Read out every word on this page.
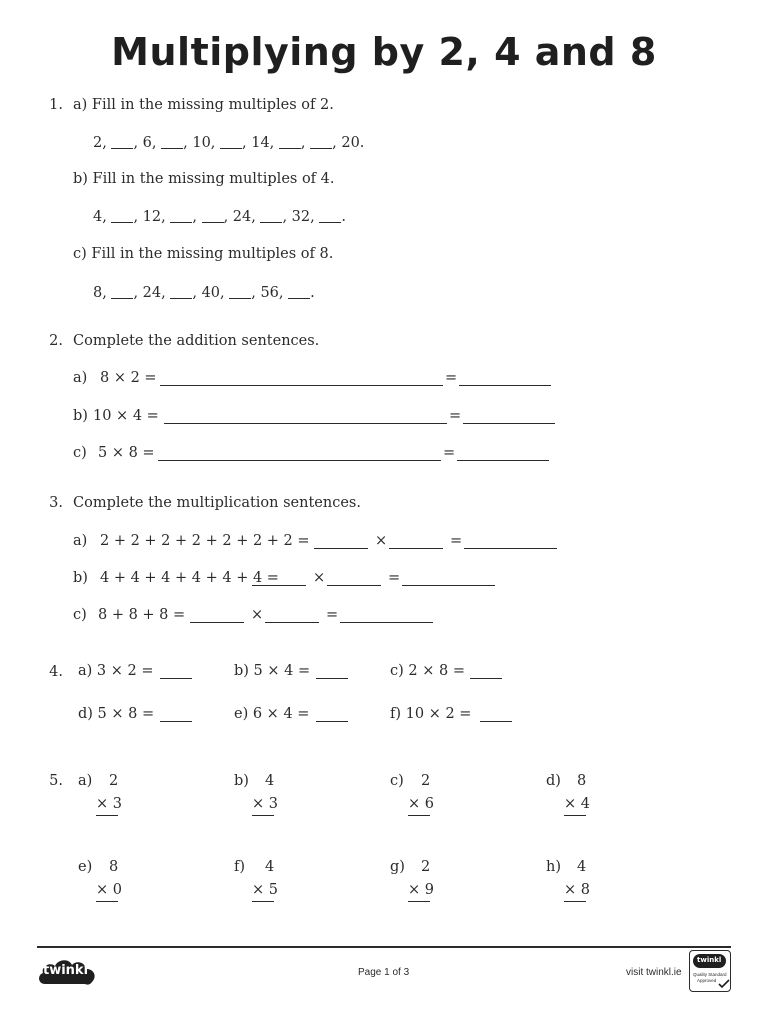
Multiplying by 2, 4 and 8
1. a) Fill in the missing multiples of 2.
2, , 6, , 10, , 14, , , 20.
b) Fill in the missing multiples of 4.
4, , 12, , , 24, , 32, .
c) Fill in the missing multiples of 8.
8, , 24, , 40, , 56, .
2. Complete the addition sentences.
a) 8 × 2 =	=
b) 10 × 4 =	=
c) 5 × 8 =	=
3. Complete the multiplication sentences.
a) 2 + 2 + 2 + 2 + 2 + 2 + 2 =	×	=
b) 4 + 4 + 4 + 4 + 4 + 4 = ×	=
c) 8 + 8 + 8 =	×	=
4. a) 3 × 2 =	b) 5 × 4 =	c) 2 × 8 =
d) 5 × 8 =	e) 6 × 4 =	f) 10 × 2 =
5. a) 2
× 3
b) 4
× 3
c) 2
× 6
d) 8
× 4
e) 8
× 0
f) 4
× 5
g) 2
× 9
h) 4
× 8
twinkl	Page 1 of 3	visit twinkl.ie
twinkl
Quality Standard
Approved
